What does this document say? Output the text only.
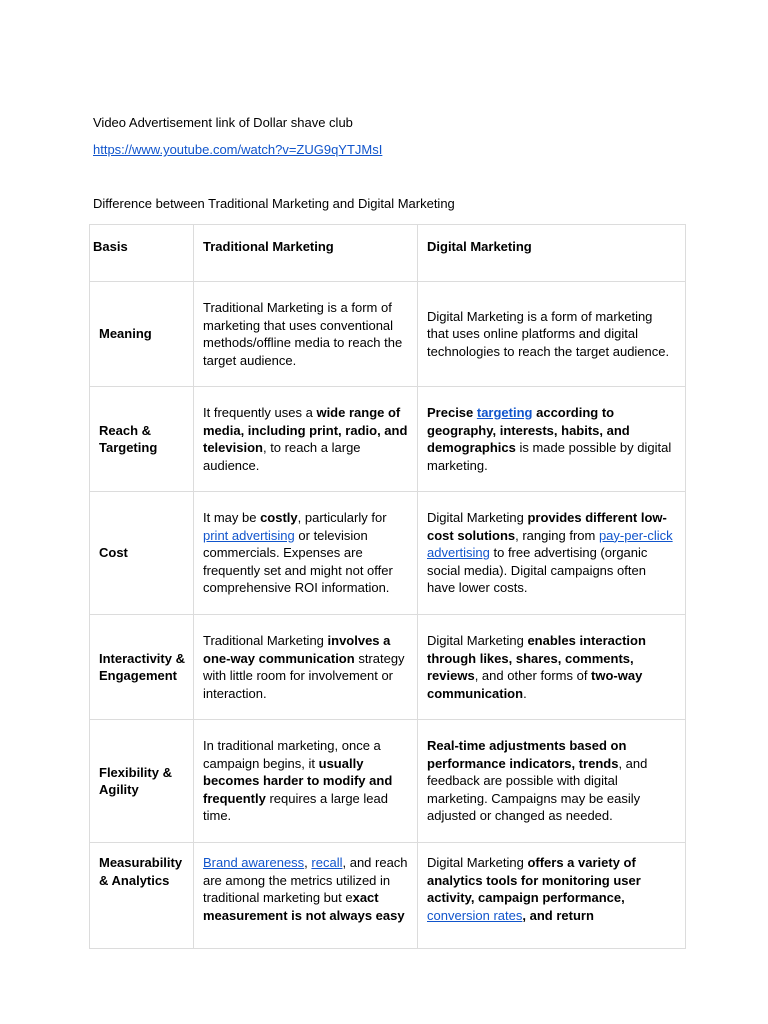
Video Advertisement link of Dollar shave club
https://www.youtube.com/watch?v=ZUG9qYTJMsI
Difference between Traditional Marketing and Digital Marketing
Basis	Traditional Marketing	Digital Marketing
Meaning	Traditional Marketing is a form of marketing that uses conventional methods/offline media to reach the target audience.	Digital Marketing is a form of marketing that uses online platforms and digital technologies to reach the target audience.
Reach & Targeting	It frequently uses a wide range of media, including print, radio, and television, to reach a large audience.	Precise targeting according to geography, interests, habits, and demographics is made possible by digital marketing.
Cost	It may be costly, particularly for print advertising or television commercials. Expenses are frequently set and might not offer comprehensive ROI information.	Digital Marketing provides different low-cost solutions, ranging from pay-per-click advertising to free advertising (organic social media). Digital campaigns often have lower costs.
Interactivity & Engagement	Traditional Marketing involves a one-way communication strategy with little room for involvement or interaction.	Digital Marketing enables interaction through likes, shares, comments, reviews, and other forms of two-way communication.
Flexibility & Agility	In traditional marketing, once a campaign begins, it usually becomes harder to modify and frequently requires a large lead time.	Real-time adjustments based on performance indicators, trends, and feedback are possible with digital marketing. Campaigns may be easily adjusted or changed as needed.
Measurability & Analytics	Brand awareness, recall, and reach are among the metrics utilized in traditional marketing but exact measurement is not always easy	Digital Marketing offers a variety of analytics tools for monitoring user activity, campaign performance, conversion rates, and return
